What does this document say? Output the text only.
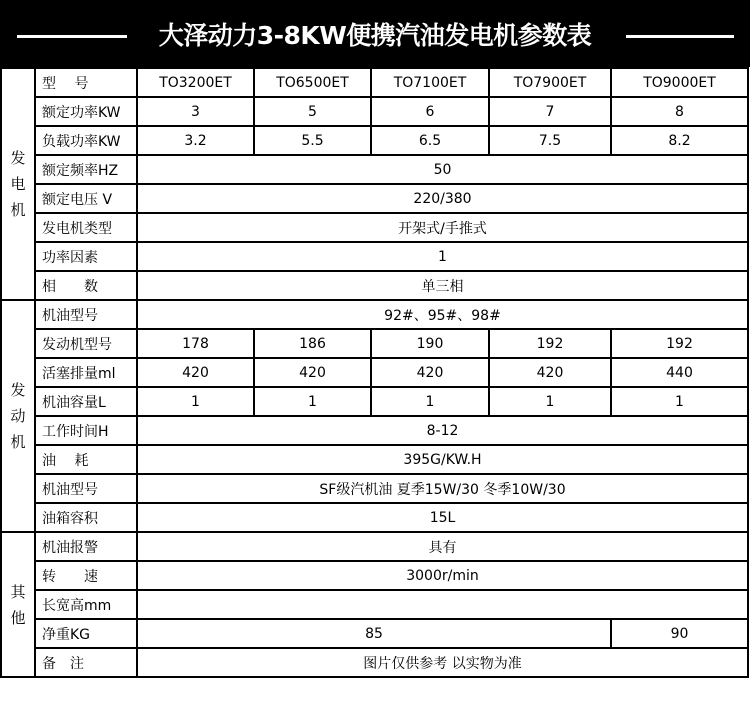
大泽动力3-8KW便携汽油发电机参数表
发
电
机	型　 号	TO3200ET	TO6500ET	TO7100ET	TO7900ET	TO9000ET
	额定功率KW	3	5	6	7	8
	负载功率KW	3.2	5.5	6.5	7.5	8.2
	额定频率HZ	50				
	额定电压 V	220/380				
	发电机类型	开架式/手推式				
	功率因素	1				
	相　　数	单三相				

发
动
机	机油型号	92#、95#、98#				
	发动机型号	178	186	190	192	192
	活塞排量ml	420	420	420	420	440
	机油容量L	1	1	1	1	1
	工作时间H	8-12				
	油　 耗	395G/KW.H				
	机油型号	SF级汽机油 夏季15W/30 冬季10W/30				
	油箱容积	15L				

其
他	机油报警	具有				
	转　　速	3000r/min				
	长宽高mm					
	净重KG	85				90
	备　注	图片仅供参考 以实物为准				
